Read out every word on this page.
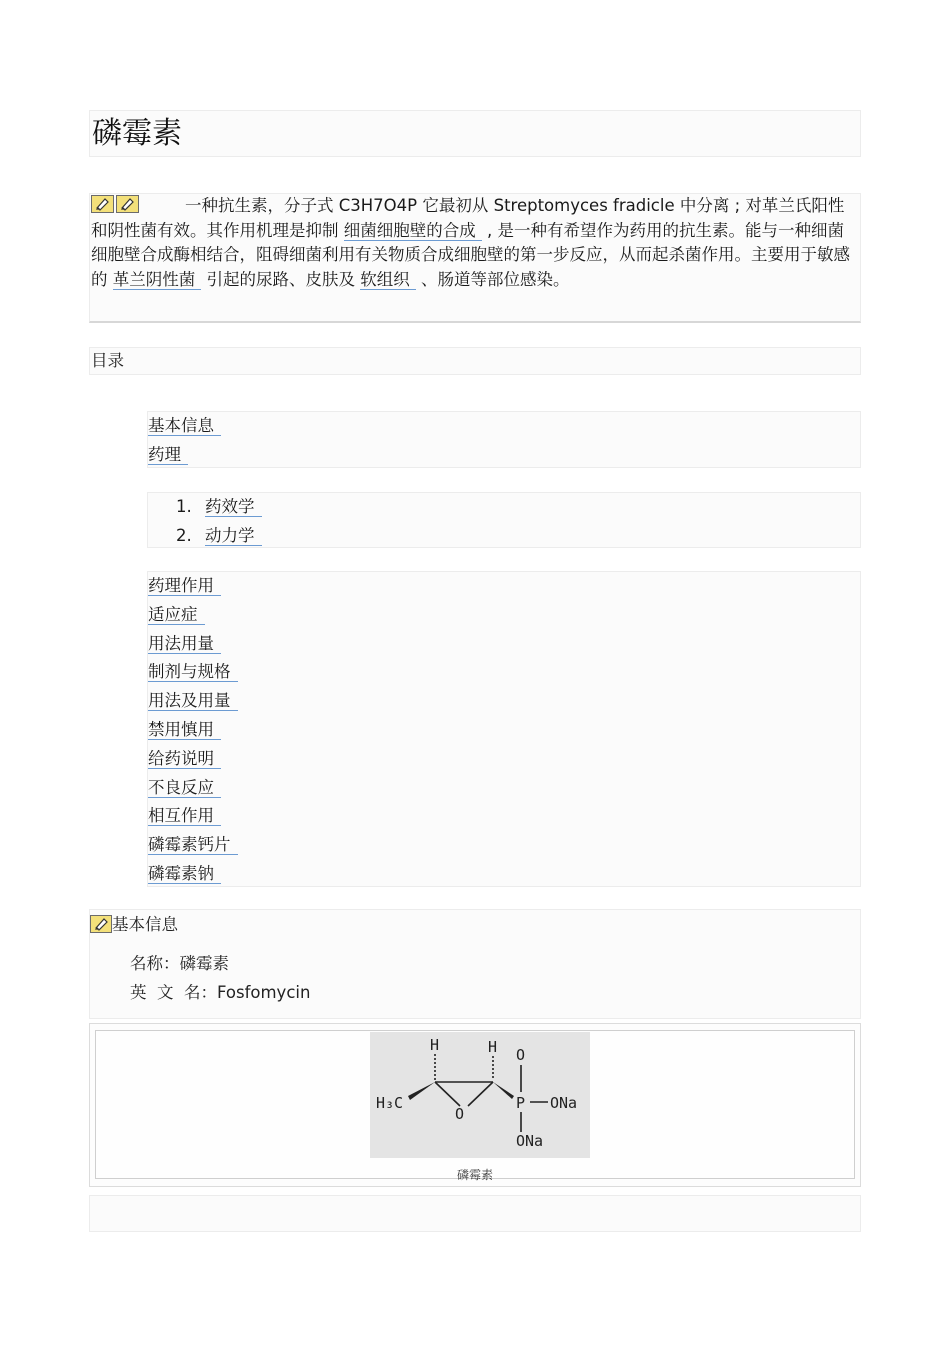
磷霉素

一种抗生素，分子式 C3H7O4P 它最初从 Streptomyces fradicle 中分离 ; 对革兰氏阳性和阴性菌有效。其作用机理是抑制 细菌细胞壁的合成 , 是一种有希望作为药用的抗生素。能与一种细菌细胞壁合成酶相结合，阻碍细菌利用有关物质合成细胞壁的第一步反应，从而起杀菌作用。主要用于敏感的 革兰阴性菌 引起的尿路、皮肤及 软组织 、肠道等部位感染。

目录
基本信息
药理
1. 药效学
2. 动力学
药理作用
适应症
用法用量
制剂与规格
用法及用量
禁用慎用
给药说明
不良反应
相互作用
磷霉素钙片
磷霉素钠
基本信息
名称：磷霉素
英  文  名：Fosfomycin
H	H O
H₃C
O
P ONa
ONa
磷霉素
